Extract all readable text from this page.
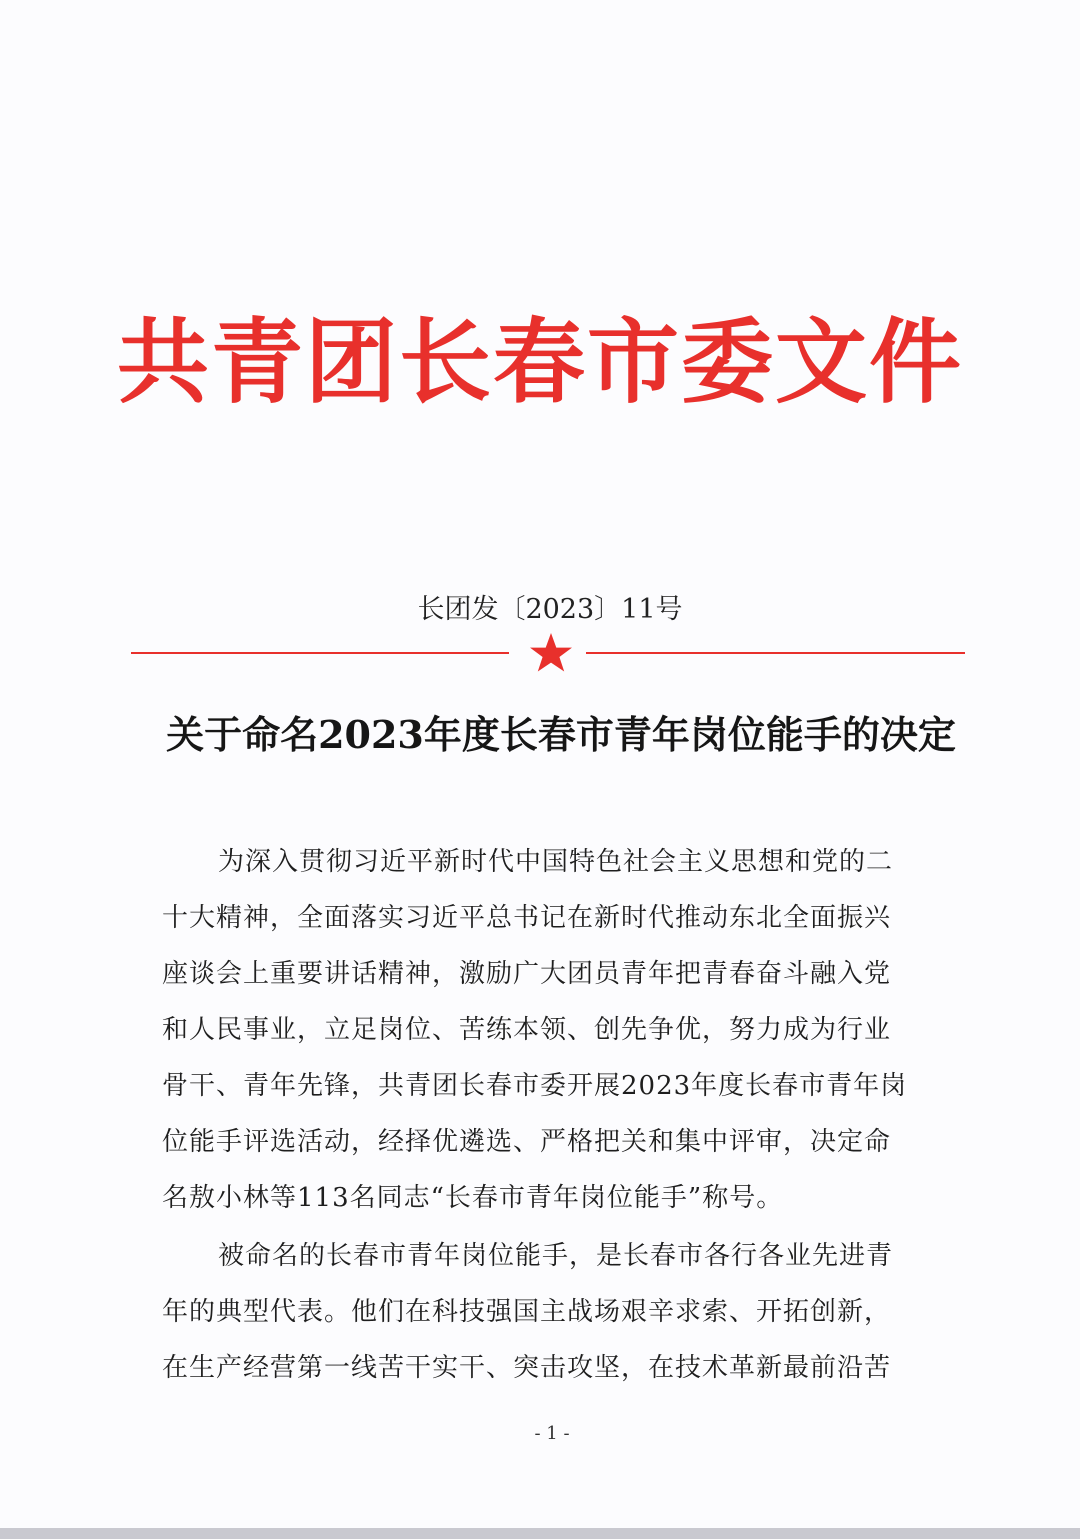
共青团长春市委文件
长团发〔2023〕11号
关于命名2023年度长春市青年岗位能手的决定
为深入贯彻习近平新时代中国特色社会主义思想和党的二
十大精神，全面落实习近平总书记在新时代推动东北全面振兴
座谈会上重要讲话精神，激励广大团员青年把青春奋斗融入党
和人民事业，立足岗位、苦练本领、创先争优，努力成为行业
骨干、青年先锋，共青团长春市委开展2023年度长春市青年岗
位能手评选活动，经择优遴选、严格把关和集中评审，决定命
名敖小林等113名同志“长春市青年岗位能手”称号。
被命名的长春市青年岗位能手，是长春市各行各业先进青
年的典型代表。他们在科技强国主战场艰辛求索、开拓创新，
在生产经营第一线苦干实干、突击攻坚，在技术革新最前沿苦
- 1 -
